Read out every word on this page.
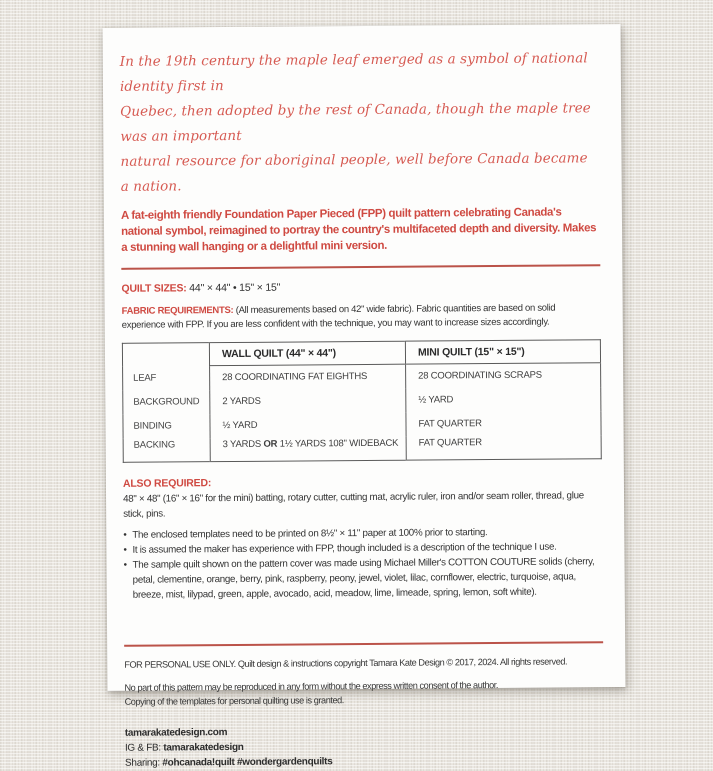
In the 19th century the maple leaf emerged as a symbol of national identity first in
Quebec, then adopted by the rest of Canada, though the maple tree was an important
natural resource for aboriginal people, well before Canada became a nation.

A fat-eighth friendly Foundation Paper Pieced (FPP) quilt pattern celebrating Canada's national symbol, reimagined to portray the country's multifaceted depth and diversity. Makes a stunning wall hanging or a delightful mini version.

QUILT SIZES: 44" × 44" • 15" × 15"

FABRIC REQUIREMENTS: (All measurements based on 42" wide fabric). Fabric quantities are based on solid experience with FPP. If you are less confident with the technique, you may want to increase sizes accordingly.

	WALL QUILT (44" × 44")	MINI QUILT (15" × 15")
LEAF	28 COORDINATING FAT EIGHTHS	28 COORDINATING SCRAPS
BACKGROUND	2 YARDS	½ YARD
BINDING	½ YARD	FAT QUARTER
BACKING	3 YARDS OR 1½ YARDS 108" WIDEBACK	FAT QUARTER
ALSO REQUIRED:

48" × 48" (16" × 16" for the mini) batting, rotary cutter, cutting mat, acrylic ruler, iron and/or seam roller, thread, glue stick, pins.

• The enclosed templates need to be printed on 8½" × 11" paper at 100% prior to starting.
• It is assumed the maker has experience with FPP, though included is a description of the technique I use.
• The sample quilt shown on the pattern cover was made using Michael Miller's COTTON COUTURE solids (cherry, petal, clementine, orange, berry, pink, raspberry, peony, jewel, violet, lilac, cornflower, electric, turquoise, aqua, breeze, mist, lilypad, green, apple, avocado, acid, meadow, lime, limeade, spring, lemon, soft white).

FOR PERSONAL USE ONLY. Quilt design & instructions copyright Tamara Kate Design © 2017, 2024. All rights reserved.

No part of this pattern may be reproduced in any form without the express written consent of the author.

Copying of the templates for personal quilting use is granted.

tamarakatedesign.com

IG & FB: tamarakatedesign

Sharing: #ohcanada!quilt #wondergardenquilts
